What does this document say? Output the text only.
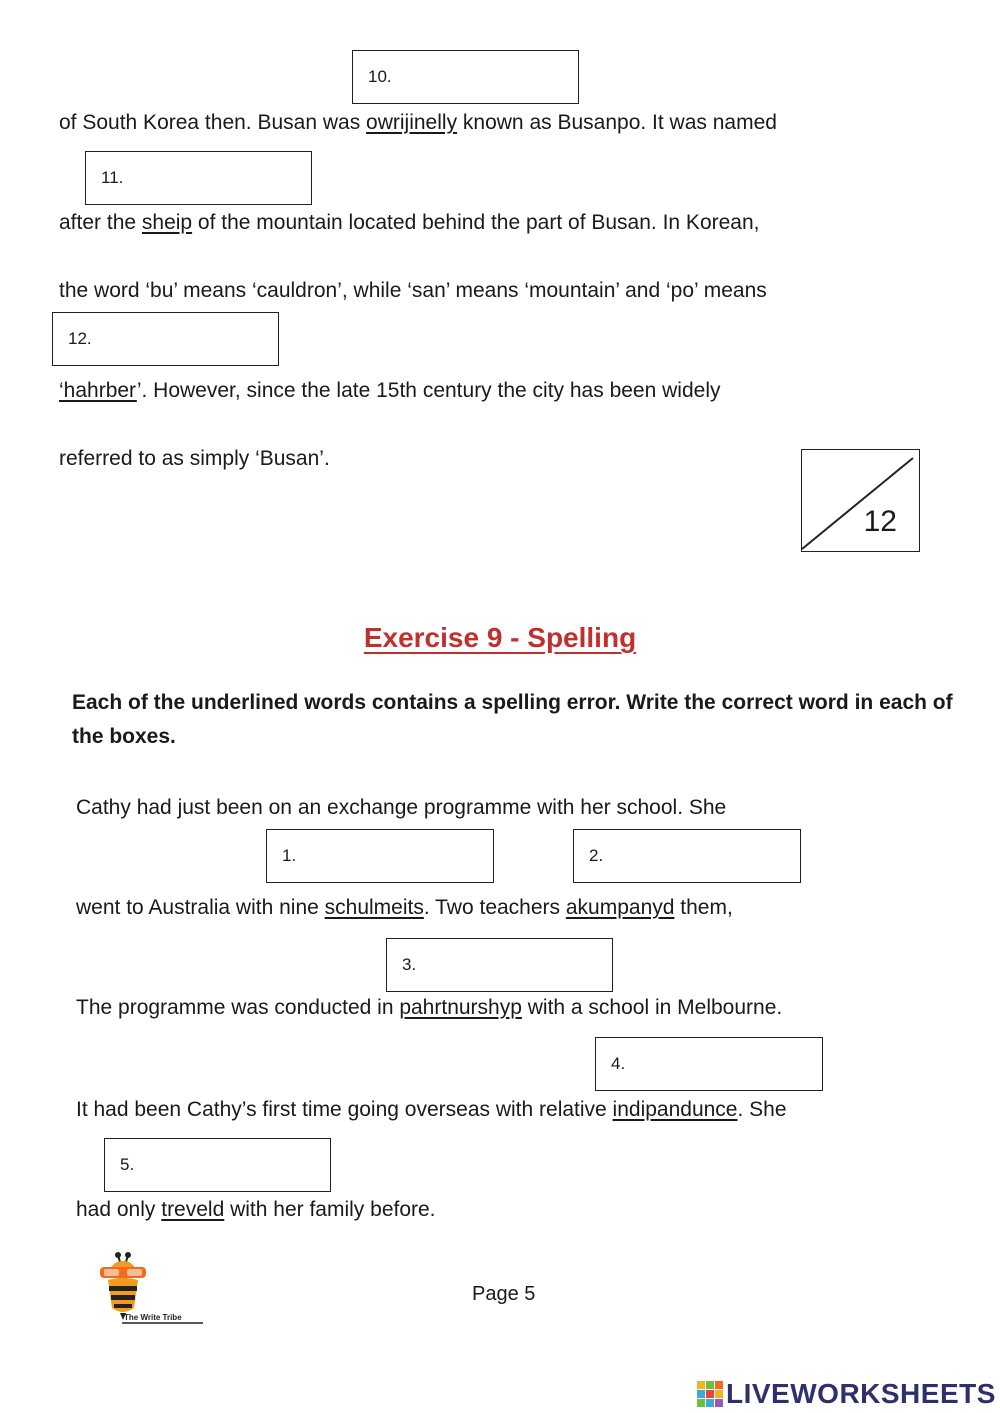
10.
of South Korea then. Busan was owrijinelly known as Busanpo. It was named
11.
after the sheip of the mountain located behind the part of Busan. In Korean,
the word ‘bu’ means ‘cauldron’, while ‘san’ means ‘mountain’ and ‘po’ means
12.
‘hahrber’. However, since the late 15th century the city has been widely
referred to as simply ‘Busan’.
12
Exercise 9 - Spelling
Each of the underlined words contains a spelling error. Write the correct word in each of the boxes.
Cathy had just been on an exchange programme with her school. She
1.	2.
went to Australia with nine schulmeits. Two teachers akumpanyd them,
3.
The programme was conducted in pahrtnurshyp with a school in Melbourne.
4.
It had been Cathy’s first time going overseas with relative indipandunce. She
5.
had only treveld with her family before.
The Write Tribe
Page 5
LIVEWORKSHEETS
